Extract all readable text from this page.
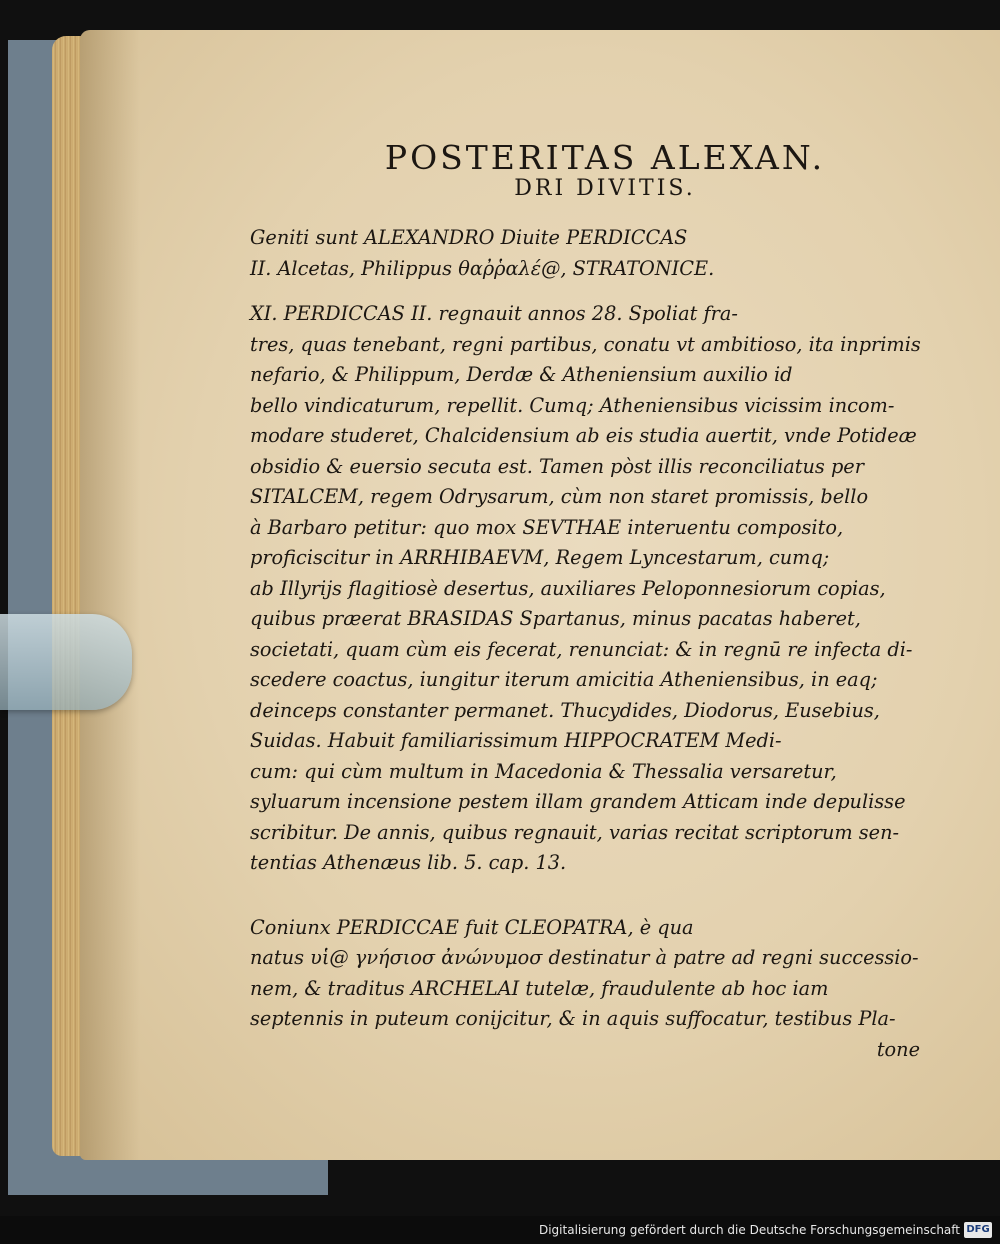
POSTERITAS ALEXAN.
DRI DIVITIS.
Geniti sunt ALEXANDRO Diuite PERDICCAS
II. Alcetas, Philippus θαῤῥαλέ@, STRATONICE.
XI. PERDICCAS II. regnauit annos 28. Spoliat fra-
tres, quas tenebant, regni partibus, conatu vt ambitioso, ita inprimis
nefario, & Philippum, Derdæ & Atheniensium auxilio id
bello vindicaturum, repellit. Cumq; Atheniensibus vicissim incom-
modare studeret, Chalcidensium ab eis studia auertit, vnde Potideæ
obsidio & euersio secuta est. Tamen pòst illis reconciliatus per
SITALCEM, regem Odrysarum, cùm non staret promissis, bello
à Barbaro petitur: quo mox SEVTHAE interuentu composito,
proficiscitur in ARRHIBAEVM, Regem Lyncestarum, cumq;
ab Illyrijs flagitiosè desertus, auxiliares Peloponnesiorum copias,
quibus præerat BRASIDAS Spartanus, minus pacatas haberet,
societati, quam cùm eis fecerat, renunciat: & in regnū re infecta di-
scedere coactus, iungitur iterum amicitia Atheniensibus, in eaq;
deinceps constanter permanet. Thucydides, Diodorus, Eusebius,
Suidas. Habuit familiarissimum HIPPOCRATEM Medi-
cum: qui cùm multum in Macedonia & Thessalia versaretur,
syluarum incensione pestem illam grandem Atticam inde depulisse
scribitur. De annis, quibus regnauit, varias recitat scriptorum sen-
tentias Athenæus lib. 5. cap. 13.
Coniunx PERDICCAE fuit CLEOPATRA, è qua
natus υἱ@ γνήσιοσ ἀνώνυμοσ destinatur à patre ad regni successio-
nem, & traditus ARCHELAI tutelæ, fraudulente ab hoc iam
septennis in puteum conijcitur, & in aquis suffocatur, testibus Pla-
tone
Digitalisierung gefördert durch die Deutsche Forschungsgemeinschaft DFG
